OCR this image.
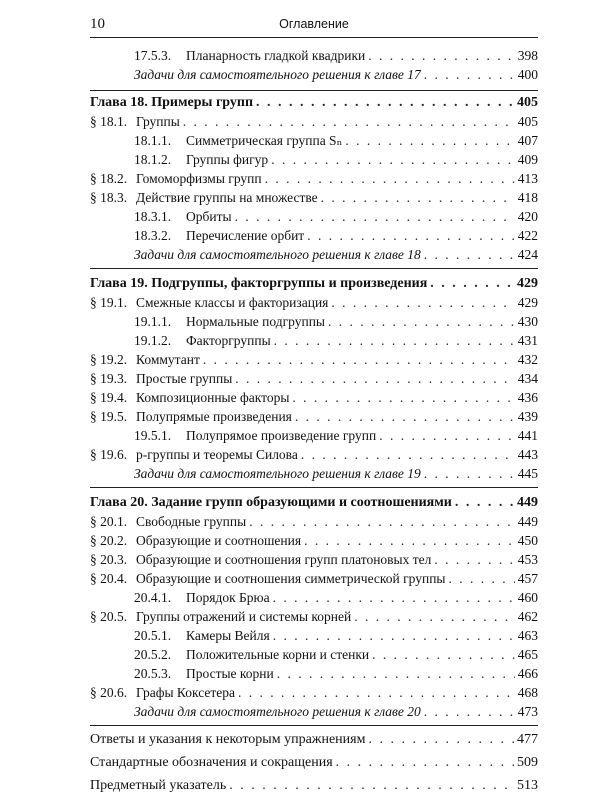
10	Оглавление
17.5.3.	Планарность гладкой квадрики . . .	398
Задачи для самостоятельного решения к главе 17 . . .	400
Глава 18. Примеры групп . . .	405
§ 18.1. Группы . . .	405
18.1.1.	Симметрическая группа Sₙ . . .	407
18.1.2.	Группы фигур . . .	409
§ 18.2. Гомоморфизмы групп . . .	413
§ 18.3. Действие группы на множестве . . .	418
18.3.1.	Орбиты . . .	420
18.3.2.	Перечисление орбит . . .	422
Задачи для самостоятельного решения к главе 18 . . .	424
Глава 19. Подгруппы, факторгруппы и произведения . . .	429
§ 19.1. Смежные классы и факторизация . . .	429
19.1.1.	Нормальные подгруппы . . .	430
19.1.2.	Факторгруппы . . .	431
§ 19.2. Коммутант . . .	432
§ 19.3. Простые группы . . .	434
§ 19.4. Композиционные факторы . . .	436
§ 19.5. Полупрямые произведения . . .	439
19.5.1.	Полупрямое произведение групп . . .	441
§ 19.6. p-группы и теоремы Силова . . .	443
Задачи для самостоятельного решения к главе 19 . . .	445
Глава 20. Задание групп образующими и соотношениями . . .	449
§ 20.1. Свободные группы . . .	449
§ 20.2. Образующие и соотношения . . .	450
§ 20.3. Образующие и соотношения групп платоновых тел . . .	453
§ 20.4. Образующие и соотношения симметрической группы . . .	457
20.4.1.	Порядок Брюа . . .	460
§ 20.5. Группы отражений и системы корней . . .	462
20.5.1.	Камеры Вейля . . .	463
20.5.2.	Положительные корни и стенки . . .	465
20.5.3.	Простые корни . . .	466
§ 20.6. Графы Коксетера . . .	468
Задачи для самостоятельного решения к главе 20 . . .	473
Ответы и указания к некоторым упражнениям . . .	477
Стандартные обозначения и сокращения . . .	509
Предметный указатель . . .	513
